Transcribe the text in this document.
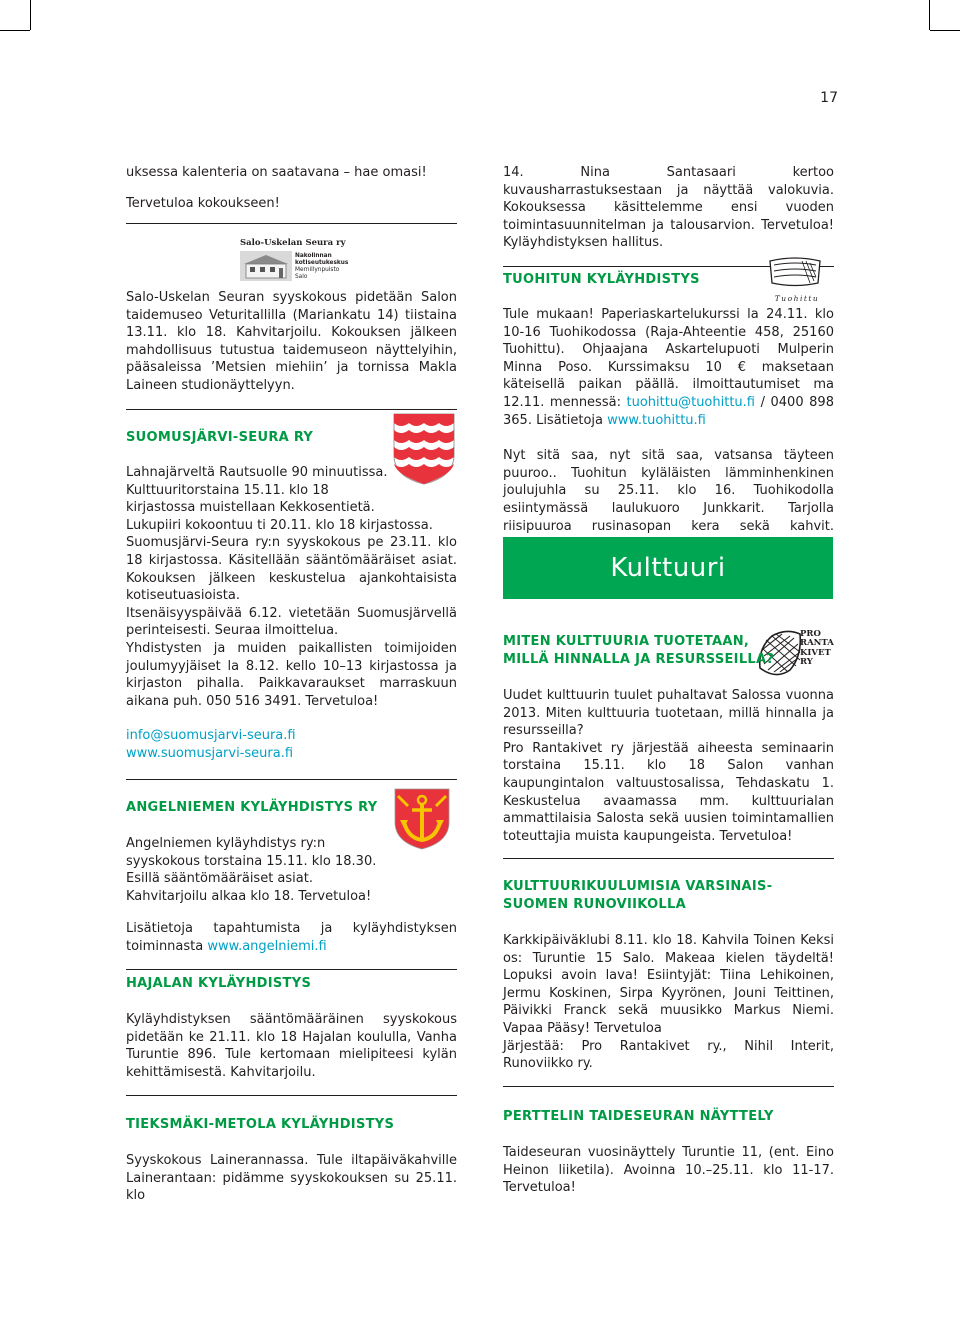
17

uksessa kalenteria on saatavana – hae omasi!

Tervetuloa kokoukseen!

Salo-Uskelan Seura ry
Nakolinnan
kotiseutukeskus
Mernillynpuisto
Salo

Salo-Uskelan Seuran syyskokous pidetään Salon taidemuseo Veturitallilla (Mariankatu 14) tiistaina 13.11. klo 18. Kahvitarjoilu. Kokouksen jälkeen mahdollisuus tutustua taidemuseon näyttelyihin, pääsaleissa ’Metsien miehiin’ ja tornissa Makla Laineen studionäyttelyyn.

SUOMUSJÄRVI-SEURA RY

Lahnajärveltä Rautsuolle 90 minuutissa.

Kulttuuritorstaina 15.11. klo 18 kirjastossa muistellaan Kekkosentietä.

Lukupiiri kokoontuu ti 20.11. klo 18 kirjastossa.

Suomusjärvi-Seura ry:n syyskokous pe 23.11. klo 18 kirjastossa. Käsitellään sääntömääräiset asiat. Kokouksen jälkeen keskustelua ajankohtaisista kotiseutuasioista.

Itsenäisyyspäivää 6.12. vietetään Suomusjärvellä perinteisesti. Seuraa ilmoittelua.

Yhdistysten ja muiden paikallisten toimijoiden joulumyyjäiset la 8.12. kello 10–13 kirjastossa ja kirjaston pihalla. Paikkavaraukset marraskuun aikana puh. 050 516 3491. Tervetuloa!

info@suomusjarvi-seura.fi

www.suomusjarvi-seura.fi

ANGELNIEMEN KYLÄYHDISTYS RY

Angelniemen kyläyhdistys ry:n syyskokous torstaina 15.11. klo 18.30. Esillä sääntömääräiset asiat. Kahvitarjoilu alkaa klo 18. Tervetuloa!

Lisätietoja tapahtumista ja kyläyhdistyksen toiminnasta www.angelniemi.fi

HAJALAN KYLÄYHDISTYS

Kyläyhdistyksen sääntömääräinen syyskokous pidetään ke 21.11. klo 18 Hajalan koululla, Vanha Turuntie 896. Tule kertomaan mielipiteesi kylän kehittämisestä. Kahvitarjoilu.

TIEKSMÄKI-METOLA KYLÄYHDISTYS

Syyskokous Lainerannassa. Tule iltapäiväkahville Lainerantaan: pidämme syyskokouksen su 25.11. klo

14. Nina Santasaari kertoo kuvausharrastuksestaan ja näyttää valokuvia. Kokouksessa käsittelemme ensi vuoden toimintasuunnitelman ja talousarvion. Tervetuloa! Kyläyhdistyksen hallitus.

Tuohittu
TUOHITUN KYLÄYHDISTYS

Tule mukaan! Paperiaskartelukurssi la 24.11. klo 10-16 Tuohikodossa (Raja-Ahteentie 458, 25160 Tuohittu). Ohjaajana Askartelupuoti Mulperin Minna Poso. Kurssimaksu 10 € maksetaan käteisellä paikan päällä. ilmoittautumiset ma 12.11. mennessä: tuohittu@tuohittu.fi / 0400 898 365. Lisätietoja www.tuohittu.fi

Nyt sitä saa, nyt sitä saa, vatsansa täyteen puuroo.. Tuohitun kyläläisten lämminhenkinen joulujuhla su 25.11. klo 16. Tuohikodolla esiintymässä laulukuoro Junkkarit. Tarjolla riisipuuroa rusinasopan kera sekä kahvit.

Kulttuuri
PRO
RANTA
KIVET
RY
MITEN KULTTUURIA TUOTETAAN,
MILLÄ HINNALLA JA RESURSSEILLA?

Uudet kulttuurin tuulet puhaltavat Salossa vuonna 2013. Miten kulttuuria tuotetaan, millä hinnalla ja resursseilla?

Pro Rantakivet ry järjestää aiheesta seminaarin torstaina 15.11. klo 18 Salon vanhan kaupungintalon valtuustosalissa, Tehdaskatu 1. Keskustelua avaamassa mm. kulttuurialan ammattilaisia Salosta sekä uusien toimintamallien toteuttajia muista kaupungeista. Tervetuloa!

KULTTUURIKUULUMISIA VARSINAIS-
SUOMEN RUNOVIIKOLLA

Karkkipäiväklubi 8.11. klo 18. Kahvila Toinen Keksi os: Turuntie 15 Salo. Makeaa kielen täydeltä! Lopuksi avoin lava! Esiintyjät: Tiina Lehikoinen, Jermu Koskinen, Sirpa Kyyrönen, Jouni Teittinen, Päivikki Franck sekä muusikko Markus Niemi. Vapaa Pääsy! Tervetuloa

Järjestää: Pro Rantakivet ry., Nihil Interit, Runoviikko ry.

PERTTELIN TAIDESEURAN NÄYTTELY

Taideseuran vuosinäyttely Turuntie 11, (ent. Eino Heinon liiketila). Avoinna 10.–25.11. klo 11-17. Tervetuloa!
